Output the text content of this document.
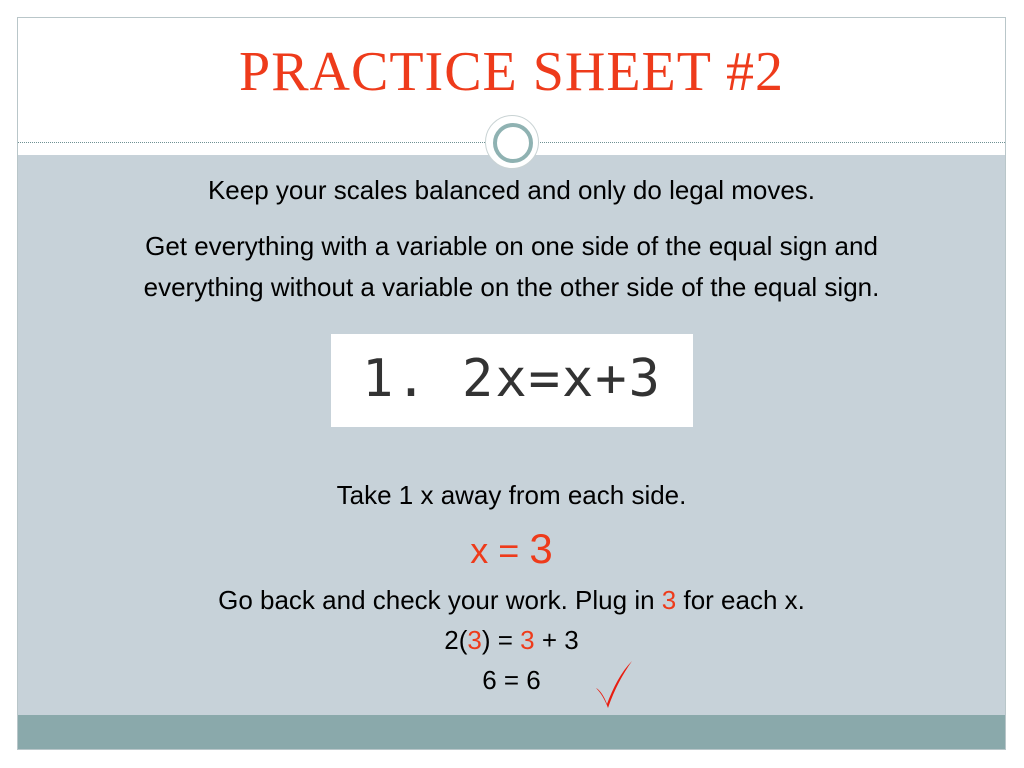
PRACTICE SHEET #2
Keep your scales balanced and only do legal moves.
Get everything with a variable on one side of the equal sign and
everything without a variable on the other side of the equal sign.
1. 2x=x+3
Take 1 x away from each side.
x = 3
Go back and check your work. Plug in 3 for each x.
2(3) = 3 + 3
6 = 6
